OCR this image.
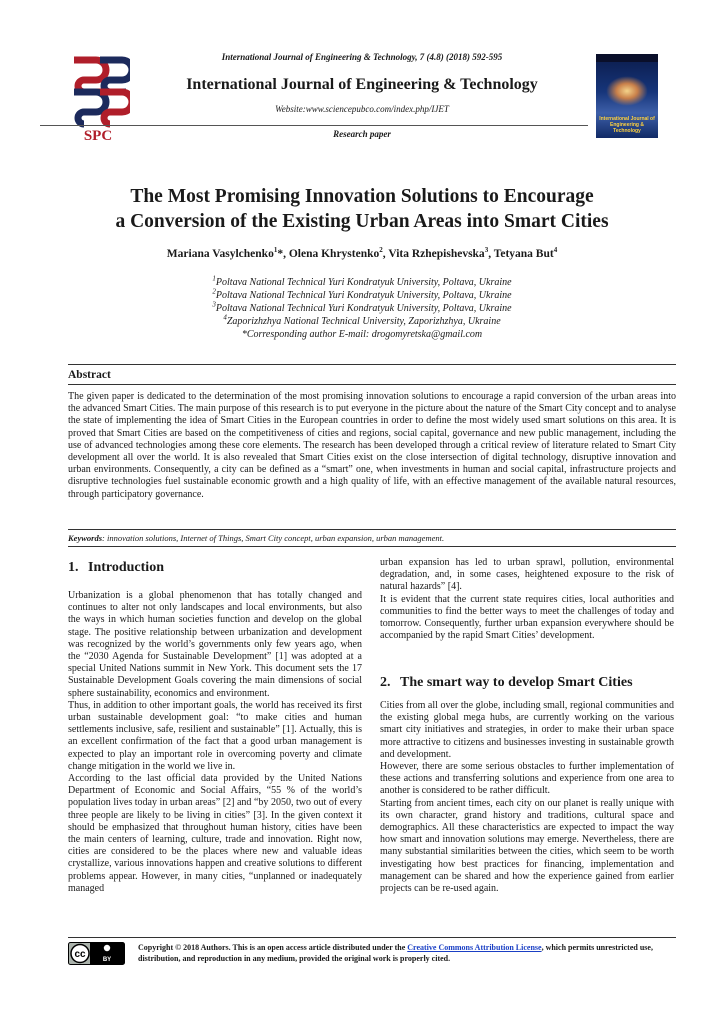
SPC
International Journal of Engineering & Technology, 7 (4.8) (2018) 592-595
International Journal of Engineering & Technology
Website:www.sciencepubco.com/index.php/IJET
Research paper
International Journal of Engineering & Technology
The Most Promising Innovation Solutions to Encourage
a Conversion of the Existing Urban Areas into Smart Cities
Mariana Vasylchenko$^1$*, Olena Khrystenko$^2$, Vita Rzhepishevska$^3$, Tetyana But$^4$
$^1$Poltava National Technical Yuri Kondratyuk University, Poltava, Ukraine
$^2$Poltava National Technical Yuri Kondratyuk University, Poltava, Ukraine
$^3$Poltava National Technical Yuri Kondratyuk University, Poltava, Ukraine
$^4$Zaporizhzhya National Technical University, Zaporizhzhya, Ukraine
*Corresponding author E-mail: drogomyretska@gmail.com
Abstract
The given paper is dedicated to the determination of the most promising innovation solutions to encourage a rapid conversion of the urban areas into the advanced Smart Cities. The main purpose of this research is to put everyone in the picture about the nature of the Smart City concept and to analyse the state of implementing the idea of Smart Cities in the European countries in order to define the most widely used smart solutions on this area. It is proved that Smart Cities are based on the competitiveness of cities and regions, social capital, governance and new public management, including the use of advanced technologies among these core elements. The research has been developed through a critical review of literature related to Smart City development all over the world. It is also revealed that Smart Cities exist on the close intersection of digital technology, disruptive innovation and urban environments. Consequently, a city can be defined as a “smart” one, when investments in human and social capital, infrastructure projects and disruptive technologies fuel sustainable economic growth and a high quality of life, with an effective management of the available natural resources, through participatory governance.
Keywords: innovation solutions, Internet of Things, Smart City concept, urban expansion, urban management.
1. Introduction

Urbanization is a global phenomenon that has totally changed and continues to alter not only landscapes and local environments, but also the ways in which human societies function and develop on the global stage. The positive relationship between urbanization and development was recognized by the world’s governments only few years ago, when the “2030 Agenda for Sustainable Development” [1] was adopted at a special United Nations summit in New York. This document sets the 17 Sustainable Development Goals covering the main dimensions of social sphere sustainability, economics and environment.

Thus, in addition to other important goals, the world has received its first urban sustainable development goal: “to make cities and human settlements inclusive, safe, resilient and sustainable” [1]. Actually, this is an excellent confirmation of the fact that a good urban management is expected to play an important role in overcoming poverty and climate change mitigation in the world we live in.

According to the last official data provided by the United Nations Department of Economic and Social Affairs, “55 % of the world’s population lives today in urban areas” [2] and “by 2050, two out of every three people are likely to be living in cities” [3]. In the given context it should be emphasized that throughout human history, cities have been the main centers of learning, culture, trade and innovation. Right now, cities are considered to be the places where new and valuable ideas crystallize, various innovations happen and creative solutions to different problems appear. However, in many cities, “unplanned or inadequately managed

urban expansion has led to urban sprawl, pollution, environmental degradation, and, in some cases, heightened exposure to the risk of natural hazards” [4].

It is evident that the current state requires cities, local authorities and communities to find the better ways to meet the challenges of today and tomorrow. Consequently, further urban expansion everywhere should be accompanied by the rapid Smart Cities’ development.

2. The smart way to develop Smart Cities

Cities from all over the globe, including small, regional communities and the existing global mega hubs, are currently working on the various smart city initiatives and strategies, in order to make their urban space more attractive to citizens and businesses investing in sustainable growth and development.

However, there are some serious obstacles to further implementation of these actions and transferring solutions and experience from one area to another is considered to be rather difficult.

Starting from ancient times, each city on our planet is really unique with its own character, grand history and traditions, cultural space and demographics. All these characteristics are expected to impact the way how smart and innovation solutions may emerge. Nevertheless, there are many substantial similarities between the cities, which seem to be worth investigating how best practices for financing, implementation and management can be shared and how the experience gained from earlier projects can be re-used again.

cc	BY
Copyright © 2018 Authors. This is an open access article distributed under the Creative Commons Attribution License, which permits unrestricted use, distribution, and reproduction in any medium, provided the original work is properly cited.
